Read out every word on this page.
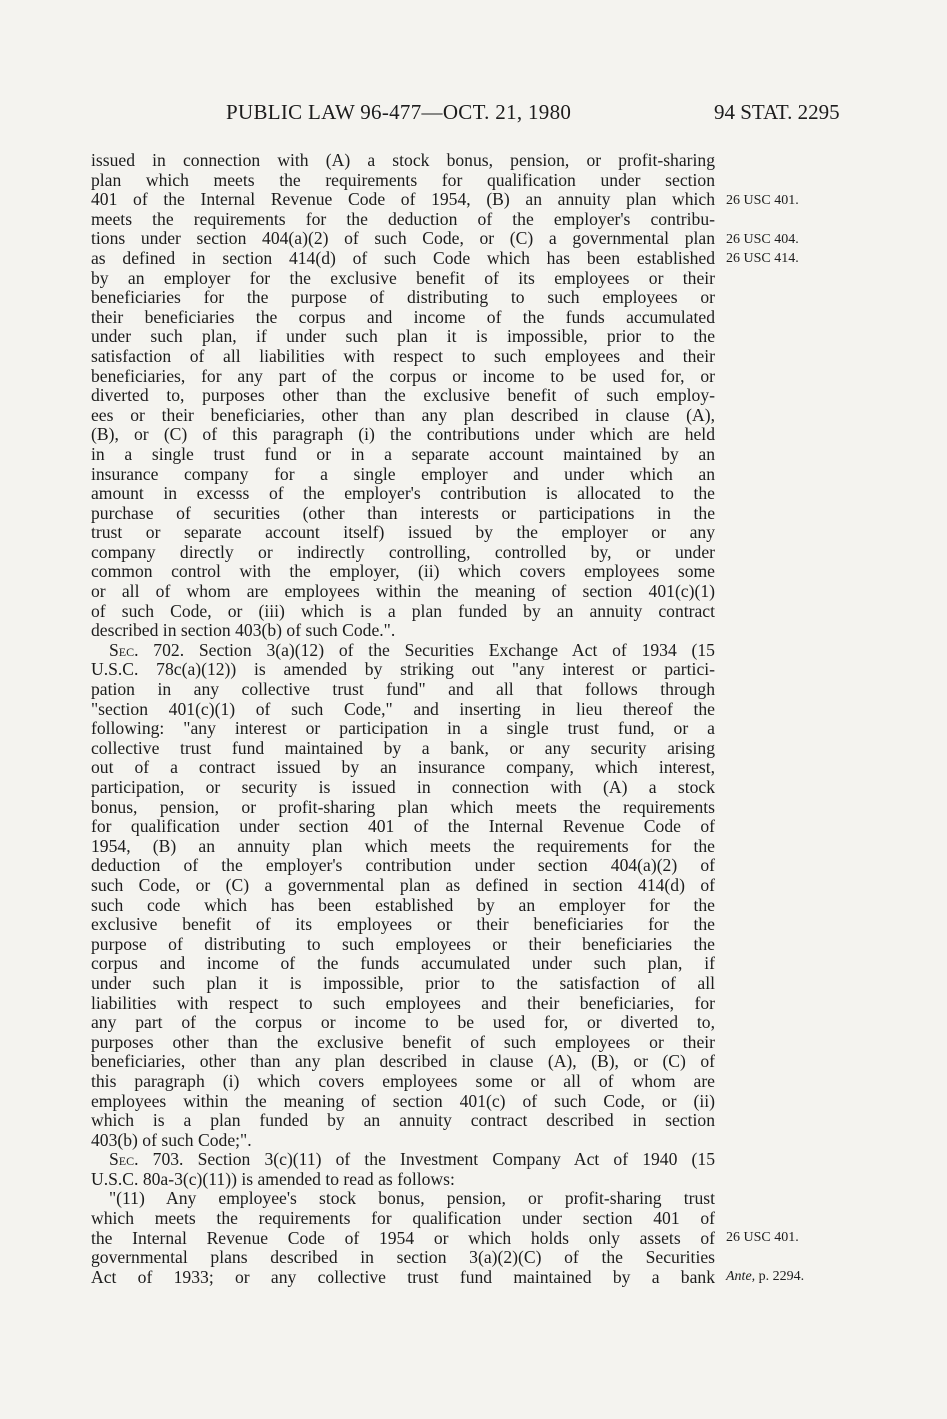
PUBLIC LAW 96-477—OCT. 21, 1980	94 STAT. 2295
26 USC 401.
26 USC 404.
26 USC 414.
26 USC 401.
Ante, p. 2294.
issued in connection with (A) a stock bonus, pension, or profit-sharing
plan which meets the requirements for qualification under section
401 of the Internal Revenue Code of 1954, (B) an annuity plan which
meets the requirements for the deduction of the employer's contribu-
tions under section 404(a)(2) of such Code, or (C) a governmental plan
as defined in section 414(d) of such Code which has been established
by an employer for the exclusive benefit of its employees or their
beneficiaries for the purpose of distributing to such employees or
their beneficiaries the corpus and income of the funds accumulated
under such plan, if under such plan it is impossible, prior to the
satisfaction of all liabilities with respect to such employees and their
beneficiaries, for any part of the corpus or income to be used for, or
diverted to, purposes other than the exclusive benefit of such employ-
ees or their beneficiaries, other than any plan described in clause (A),
(B), or (C) of this paragraph (i) the contributions under which are held
in a single trust fund or in a separate account maintained by an
insurance company for a single employer and under which an
amount in excesss of the employer's contribution is allocated to the
purchase of securities (other than interests or participations in the
trust or separate account itself) issued by the employer or any
company directly or indirectly controlling, controlled by, or under
common control with the employer, (ii) which covers employees some
or all of whom are employees within the meaning of section 401(c)(1)
of such Code, or (iii) which is a plan funded by an annuity contract
described in section 403(b) of such Code.".
Sec. 702. Section 3(a)(12) of the Securities Exchange Act of 1934 (15
U.S.C. 78c(a)(12)) is amended by striking out "any interest or partici-
pation in any collective trust fund" and all that follows through
"section 401(c)(1) of such Code," and inserting in lieu thereof the
following: "any interest or participation in a single trust fund, or a
collective trust fund maintained by a bank, or any security arising
out of a contract issued by an insurance company, which interest,
participation, or security is issued in connection with (A) a stock
bonus, pension, or profit-sharing plan which meets the requirements
for qualification under section 401 of the Internal Revenue Code of
1954, (B) an annuity plan which meets the requirements for the
deduction of the employer's contribution under section 404(a)(2) of
such Code, or (C) a governmental plan as defined in section 414(d) of
such code which has been established by an employer for the
exclusive benefit of its employees or their beneficiaries for the
purpose of distributing to such employees or their beneficiaries the
corpus and income of the funds accumulated under such plan, if
under such plan it is impossible, prior to the satisfaction of all
liabilities with respect to such employees and their beneficiaries, for
any part of the corpus or income to be used for, or diverted to,
purposes other than the exclusive benefit of such employees or their
beneficiaries, other than any plan described in clause (A), (B), or (C) of
this paragraph (i) which covers employees some or all of whom are
employees within the meaning of section 401(c) of such Code, or (ii)
which is a plan funded by an annuity contract described in section
403(b) of such Code;".
Sec. 703. Section 3(c)(11) of the Investment Company Act of 1940 (15
U.S.C. 80a-3(c)(11)) is amended to read as follows:
"(11) Any employee's stock bonus, pension, or profit-sharing trust
which meets the requirements for qualification under section 401 of
the Internal Revenue Code of 1954 or which holds only assets of
governmental plans described in section 3(a)(2)(C) of the Securities
Act of 1933; or any collective trust fund maintained by a bank
